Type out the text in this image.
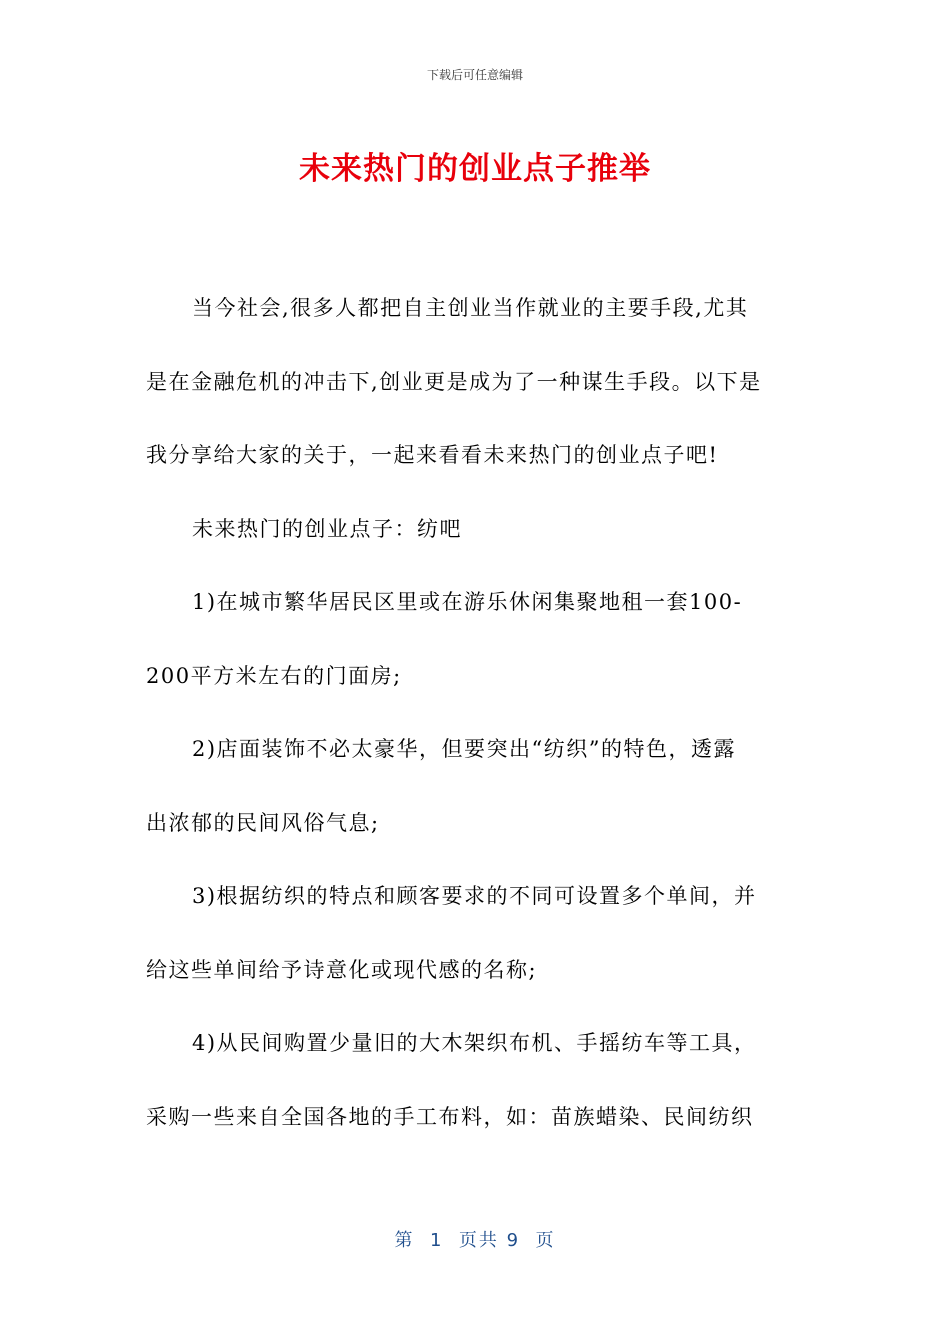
下载后可任意编辑
未来热门的创业点子推举
当今社会,很多人都把自主创业当作就业的主要手段,尤其
是在金融危机的冲击下,创业更是成为了一种谋生手段。以下是
我分享给大家的关于，一起来看看未来热门的创业点子吧!
未来热门的创业点子：纺吧
1)在城市繁华居民区里或在游乐休闲集聚地租一套100-
200平方米左右的门面房;
2)店面装饰不必太豪华，但要突出“纺织”的特色，透露
出浓郁的民间风俗气息;
3)根据纺织的特点和顾客要求的不同可设置多个单间，并
给这些单间给予诗意化或现代感的名称;
4)从民间购置少量旧的大木架织布机、手摇纺车等工具，
采购一些来自全国各地的手工布料，如：苗族蜡染、民间纺织
第  1  页共 9  页
